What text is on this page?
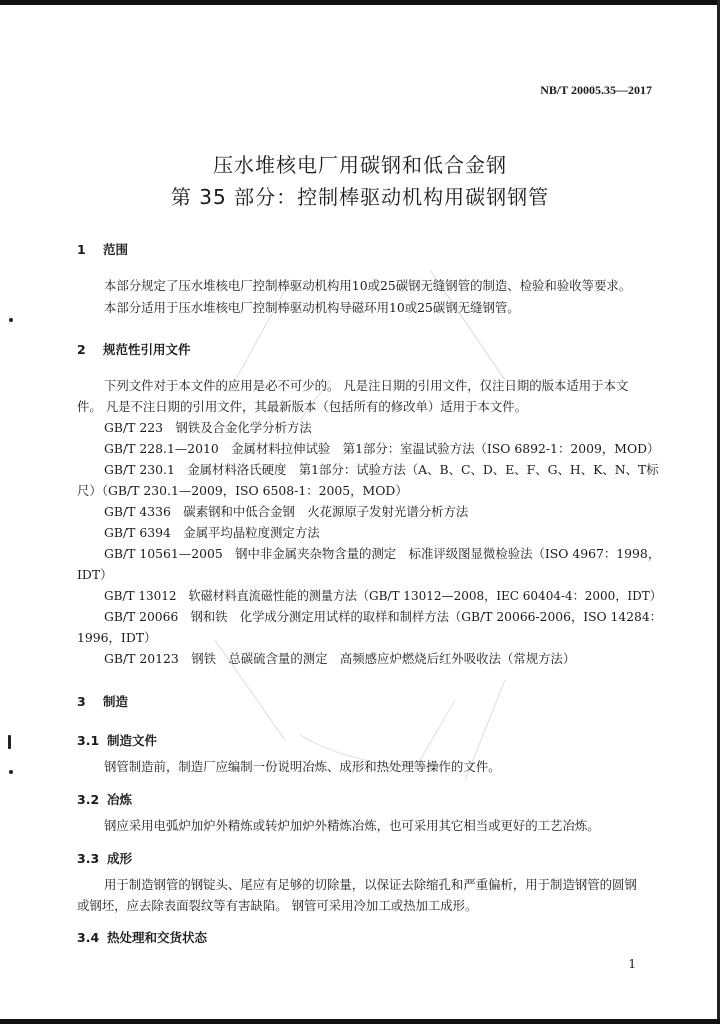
NB/T 20005.35—2017
压水堆核电厂用碳钢和低合金钢
第 35 部分：控制棒驱动机构用碳钢钢管
1 范围
本部分规定了压水堆核电厂控制棒驱动机构用10或25碳钢无缝钢管的制造、检验和验收等要求。
本部分适用于压水堆核电厂控制棒驱动机构导磁环用10或25碳钢无缝钢管。
2 规范性引用文件
下列文件对于本文件的应用是必不可少的。 凡是注日期的引用文件，仅注日期的版本适用于本文
件。 凡是不注日期的引用文件，其最新版本（包括所有的修改单）适用于本文件。
GB/T 223　钢铁及合金化学分析方法
GB/T 228.1—2010　金属材料拉伸试验　第1部分：室温试验方法（ISO 6892-1：2009，MOD）
GB/T 230.1　金属材料洛氏硬度　第1部分：试验方法（A、B、C、D、E、F、G、H、K、N、T标
尺）（GB/T 230.1—2009，ISO 6508-1：2005，MOD）
GB/T 4336　碳素钢和中低合金钢　火花源原子发射光谱分析方法
GB/T 6394　金属平均晶粒度测定方法
GB/T 10561—2005　钢中非金属夹杂物含量的测定　标准评级图显微检验法（ISO 4967：1998，
IDT）
GB/T 13012　软磁材料直流磁性能的测量方法（GB/T 13012—2008，IEC 60404-4：2000，IDT）
GB/T 20066　钢和铁　化学成分测定用试样的取样和制样方法（GB/T 20066-2006，ISO 14284：
1996，IDT）
GB/T 20123　钢铁　总碳硫含量的测定　高频感应炉燃烧后红外吸收法（常规方法）
3 制造
3.1 制造文件
钢管制造前，制造厂应编制一份说明冶炼、成形和热处理等操作的文件。
3.2 冶炼
钢应采用电弧炉加炉外精炼或转炉加炉外精炼冶炼，也可采用其它相当或更好的工艺冶炼。
3.3 成形
用于制造钢管的钢锭头、尾应有足够的切除量，以保证去除缩孔和严重偏析，用于制造钢管的圆钢
或钢坯，应去除表面裂纹等有害缺陷。 钢管可采用冷加工或热加工成形。
3.4 热处理和交货状态
1
